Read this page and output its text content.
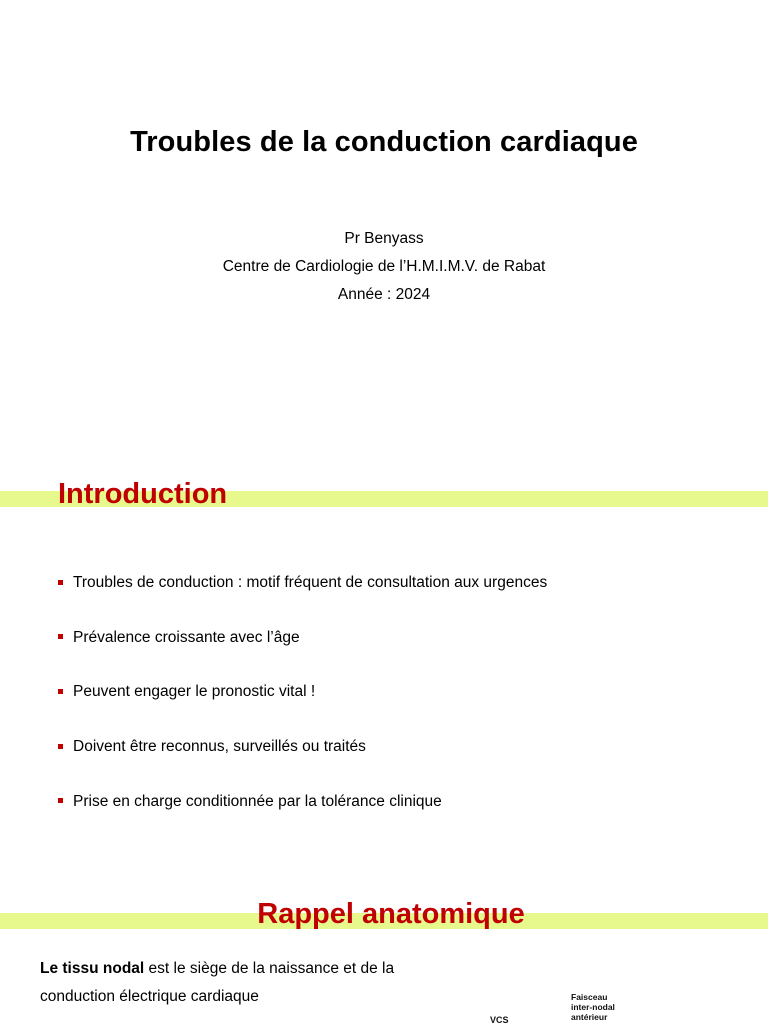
Troubles de la conduction cardiaque
Pr Benyass
Centre de Cardiologie de l’H.M.I.M.V. de Rabat
Année : 2024
Introduction
Troubles de conduction : motif fréquent de consultation aux urgences
Prévalence croissante avec l’âge
Peuvent engager le pronostic vital !
Doivent être reconnus, surveillés ou traités
Prise en charge conditionnée par la tolérance clinique
Rappel anatomique
Le tissu nodal est le siège de la naissance et de la conduction électrique cardiaque	Faisceau
inter-nodal
antérieur
VCS
